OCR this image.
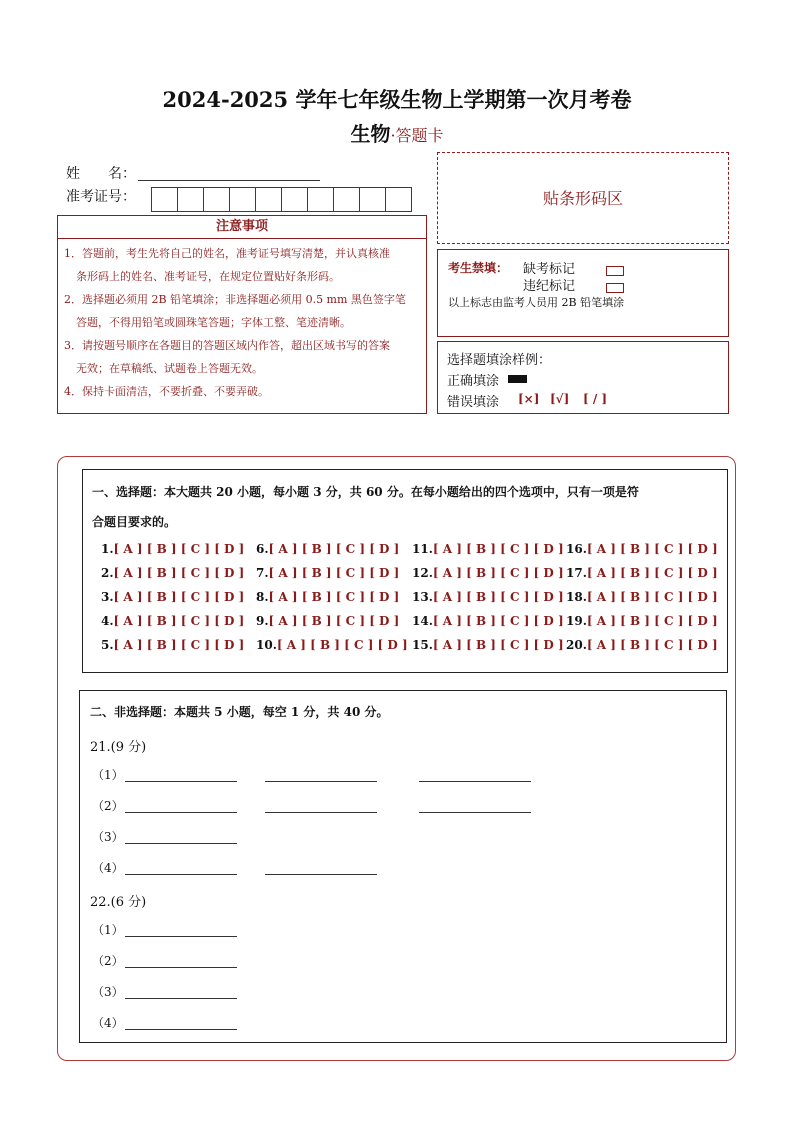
2024-2025 学年七年级生物上学期第一次月考卷
生物·答题卡
姓　　名：
准考证号：
注意事项
1．答题前，考生先将自己的姓名，准考证号填写清楚，并认真核准
条形码上的姓名、准考证号，在规定位置贴好条形码。
2．选择题必须用 2B 铅笔填涂；非选择题必须用 0.5 mm 黑色签字笔
答题，不得用铅笔或圆珠笔答题；字体工整、笔迹清晰。
3．请按题号顺序在各题目的答题区域内作答，超出区域书写的答案
无效；在草稿纸、试题卷上答题无效。
4．保持卡面清洁，不要折叠、不要弄破。
贴条形码区
考生禁填： 缺考标记
违纪标记
以上标志由监考人员用 2B 铅笔填涂
选择题填涂样例：
正确填涂
错误填涂 [×] [√] [ / ]
一、选择题：本大题共 20 小题，每小题 3 分，共 60 分。在每小题给出的四个选项中，只有一项是符
合题目要求的。
1.[ A ] [ B ] [ C ] [ D ]
2.[ A ] [ B ] [ C ] [ D ]
3.[ A ] [ B ] [ C ] [ D ]
4.[ A ] [ B ] [ C ] [ D ]
5.[ A ] [ B ] [ C ] [ D ]
6.[ A ] [ B ] [ C ] [ D ]
7.[ A ] [ B ] [ C ] [ D ]
8.[ A ] [ B ] [ C ] [ D ]
9.[ A ] [ B ] [ C ] [ D ]
10.[ A ] [ B ] [ C ] [ D ]
11.[ A ] [ B ] [ C ] [ D ]
12.[ A ] [ B ] [ C ] [ D ]
13.[ A ] [ B ] [ C ] [ D ]
14.[ A ] [ B ] [ C ] [ D ]
15.[ A ] [ B ] [ C ] [ D ]
16.[ A ] [ B ] [ C ] [ D ]
17.[ A ] [ B ] [ C ] [ D ]
18.[ A ] [ B ] [ C ] [ D ]
19.[ A ] [ B ] [ C ] [ D ]
20.[ A ] [ B ] [ C ] [ D ]
二、非选择题：本题共 5 小题，每空 1 分，共 40 分。
21.(9 分)
22.(6 分)
（1）
（2）
（3）
（4）
（1）
（2）
（3）
（4）
